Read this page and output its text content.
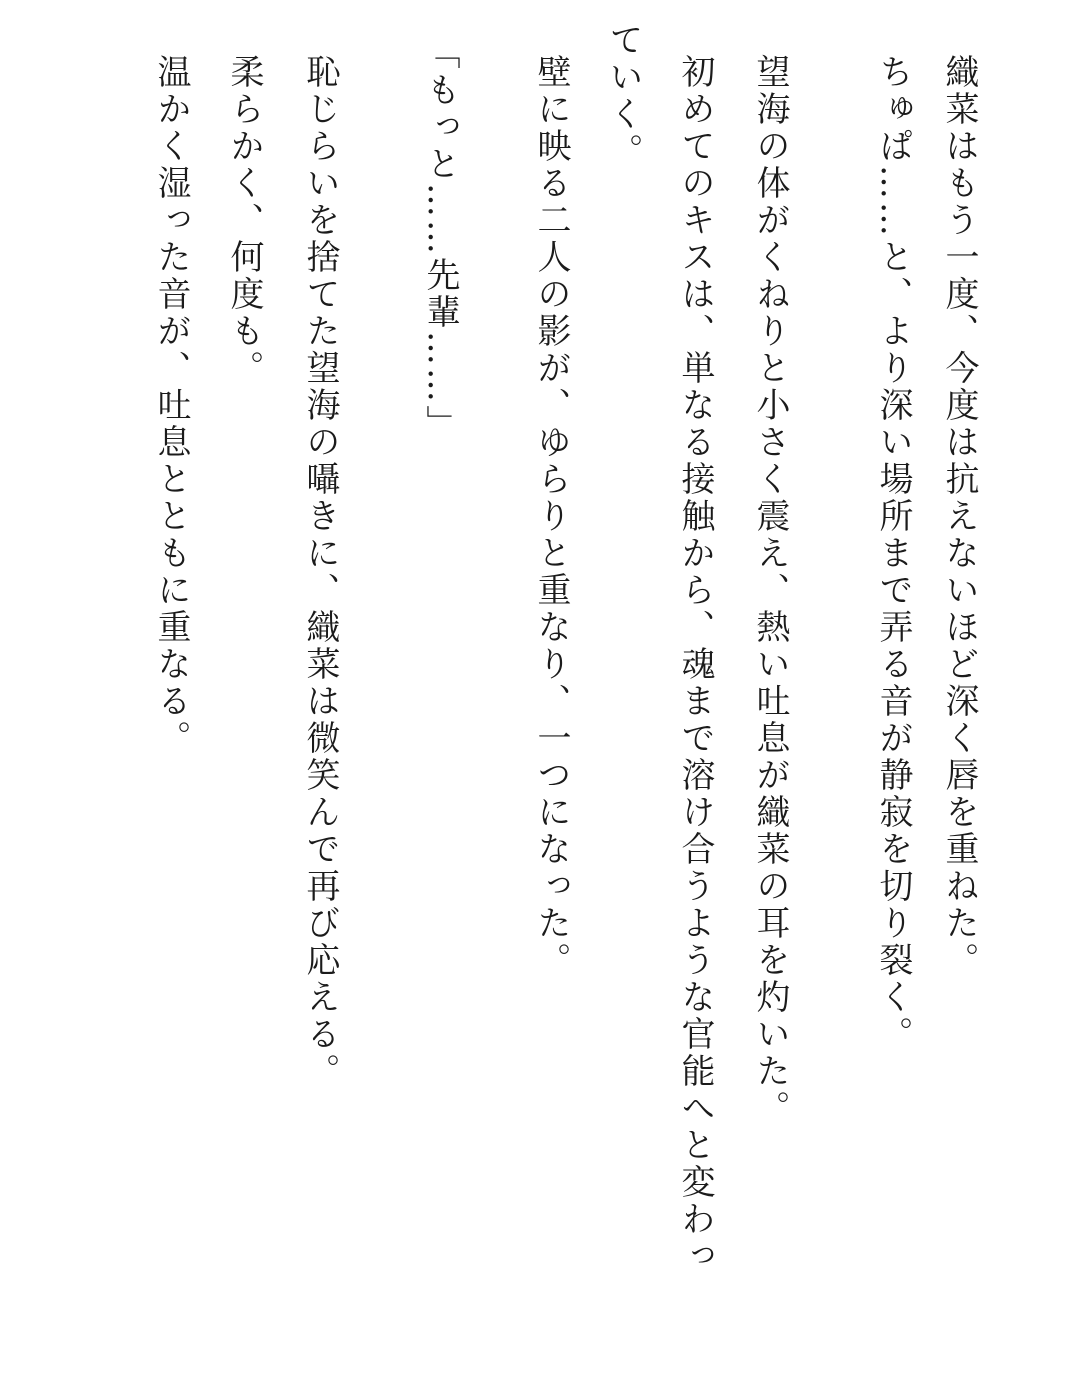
織菜はもう一度、今度は抗えないほど深く唇を重ねた。
ちゅぱ……と、より深い場所まで弄る音が静寂を切り裂く。
望海の体がくねりと小さく震え、熱い吐息が織菜の耳を灼いた。
初めてのキスは、単なる接触から、魂まで溶け合うような官能へと変わっ
ていく。
壁に映る二人の影が、ゆらりと重なり、一つになった。
「もっと……先輩……」
恥じらいを捨てた望海の囁きに、織菜は微笑んで再び応える。
柔らかく、何度も。
温かく湿った音が、吐息とともに重なる。
